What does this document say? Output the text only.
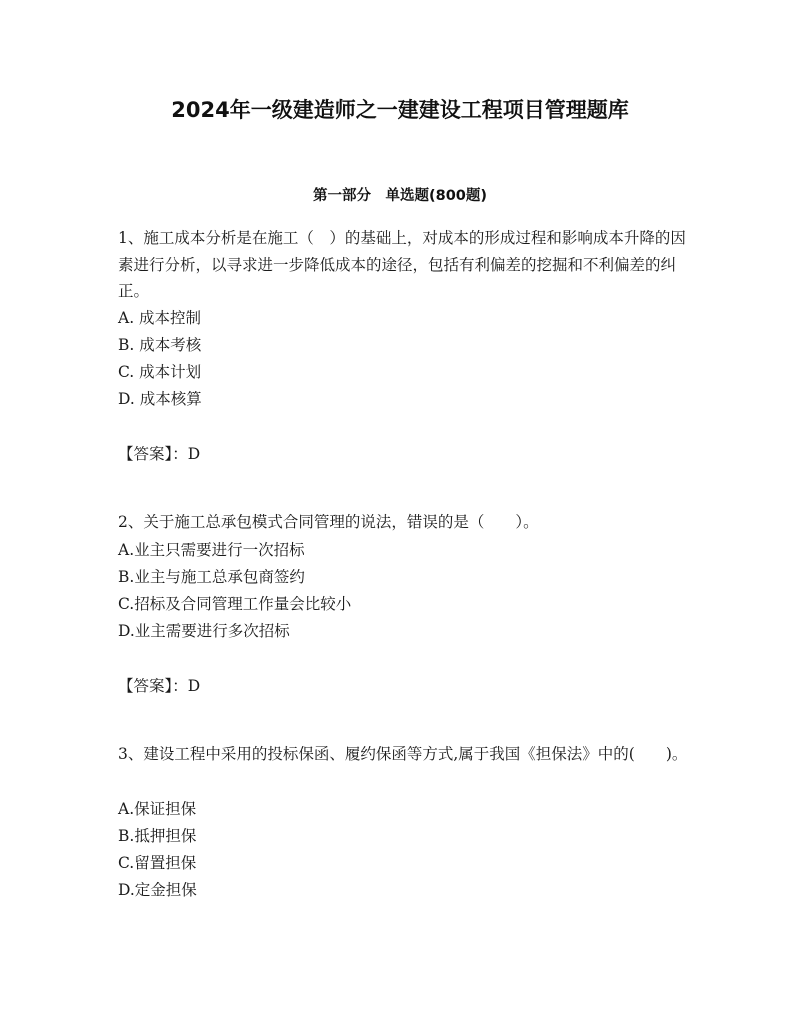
2024年一级建造师之一建建设工程项目管理题库
第一部分　单选题(800题)
1、施工成本分析是在施工（　）的基础上，对成本的形成过程和影响成本升降的因素进行分析，以寻求进一步降低成本的途径，包括有利偏差的挖掘和不利偏差的纠正。
A. 成本控制
B. 成本考核
C. 成本计划
D. 成本核算
【答案】：D
2、关于施工总承包模式合同管理的说法，错误的是（　　）。
A.业主只需要进行一次招标
B.业主与施工总承包商签约
C.招标及合同管理工作量会比较小
D.业主需要进行多次招标
【答案】：D
3、建设工程中采用的投标保函、履约保函等方式,属于我国《担保法》中的(　　)。
A.保证担保
B.抵押担保
C.留置担保
D.定金担保
